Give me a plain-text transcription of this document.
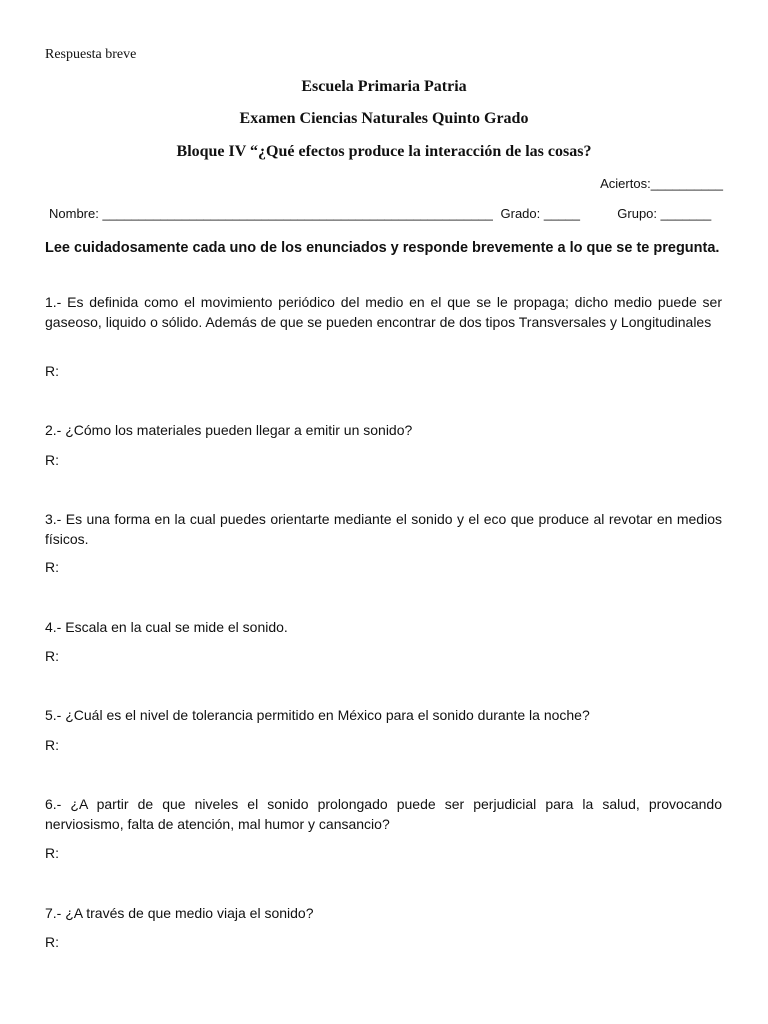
Respuesta breve
Escuela Primaria Patria
Examen Ciencias Naturales Quinto Grado
Bloque IV “¿Qué efectos produce la interacción de las cosas?
Aciertos:__________
Nombre: ______________________________________________________ Grado: _____	Grupo: _______
Lee cuidadosamente cada uno de los enunciados y responde brevemente a lo que se te pregunta.
1.- Es definida como el movimiento periódico del medio en el que se le propaga; dicho medio puede ser gaseoso, liquido o sólido. Además de que se pueden encontrar de dos tipos Transversales y Longitudinales
R:
2.- ¿Cómo los materiales pueden llegar a emitir un sonido?
R:
3.- Es una forma en la cual puedes orientarte mediante el sonido y el eco que produce al revotar en medios físicos.
R:
4.- Escala en la cual se mide el sonido.
R:
5.- ¿Cuál es el nivel de tolerancia permitido en México para el sonido durante la noche?
R:
6.- ¿A partir de que niveles el sonido prolongado puede ser perjudicial para la salud, provocando nerviosismo, falta de atención, mal humor y cansancio?
R:
7.- ¿A través de que medio viaja el sonido?
R:
